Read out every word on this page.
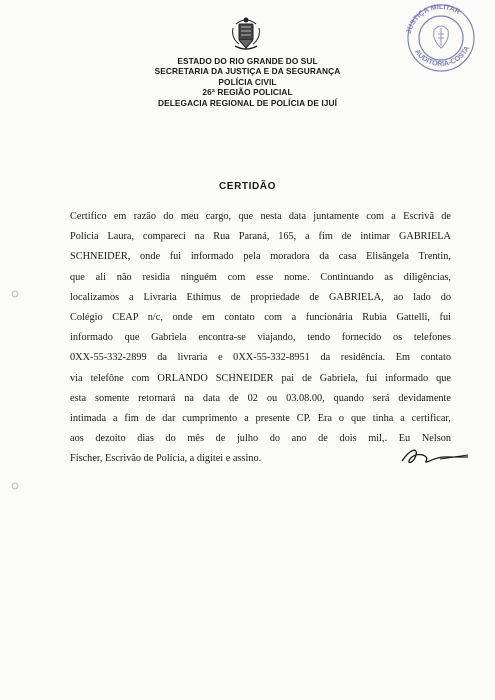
JUSTIÇA MILITAR
AUDITORIA-COSTA
ESTADO DO RIO GRANDE DO SUL
SECRETARIA DA JUSTIÇA E DA SEGURANÇA
POLÍCIA CIVIL
26ª REGIÃO POLICIAL
DELEGACIA REGIONAL DE POLÍCIA DE IJUÍ
CERTIDÃO
Certifico em razão do meu cargo, que nesta data juntamente com a Escrivã de
Polícia Laura, compareci na Rua Paraná, 165, a fim de intimar GABRIELA
SCHNEIDER, onde fui informado pela moradora da casa Elisângela Trentin,
que ali não residia ninguém com esse nome. Continuando as diligências,
localizamos a Livraria Ethimus de propriedade de GABRIELA, ao lado do
Colégio CEAP n/c, onde em contato com a funcionária Rubia Gattelli, fui
informado que Gabriela encontra-se viajando, tendo fornecido os telefones
0XX-55-332-2899 da livraria e 0XX-55-332-8951 da residência. Em contato
via telefône com ORLANDO SCHNEIDER pai de Gabriela, fui informado que
esta somente retornará na data de 02 ou 03.08.00, quando será devidamente
intimada a fim de dar cumprimento a presente CP. Era o que tinha a certificar,
aos dezoito dias do mês de julho do ano de dois mil,. Eu Nelson
Fischer, Escrivão de Polícia, a digitei e assino.
